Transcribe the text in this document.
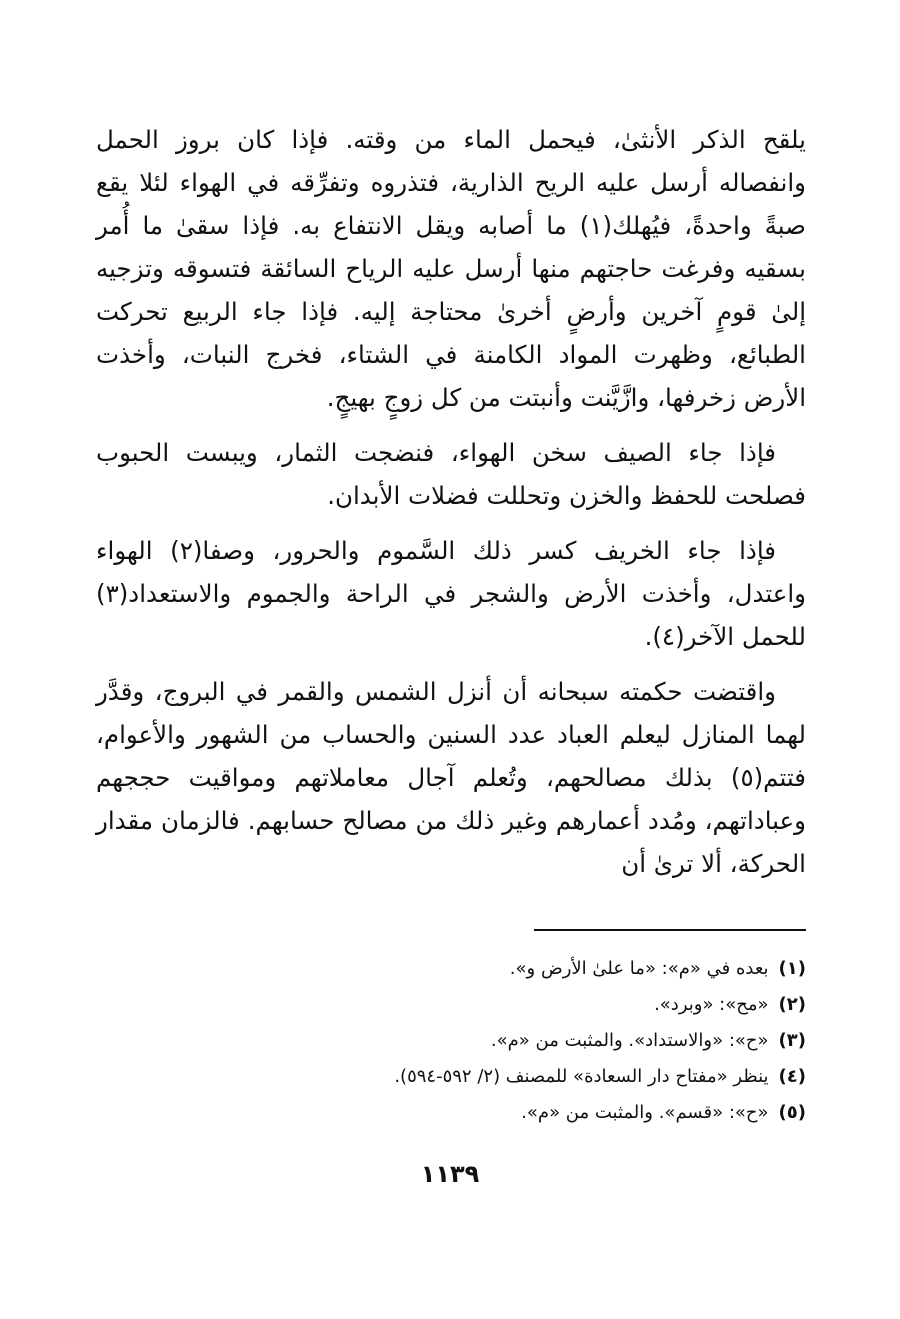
يلقح الذكر الأنثىٰ، فيحمل الماء من وقته. فإذا كان بروز الحمل وانفصاله أرسل عليه الريح الذارية، فتذروه وتفرِّقه في الهواء لئلا يقع صبةً واحدةً، فيُهلك(١) ما أصابه ويقل الانتفاع به. فإذا سقىٰ ما أُمر بسقيه وفرغت حاجتهم منها أرسل عليه الرياح السائقة فتسوقه وتزجيه إلىٰ قومٍ آخرين وأرضٍ أخرىٰ محتاجة إليه. فإذا جاء الربيع تحركت الطبائع، وظهرت المواد الكامنة في الشتاء، فخرج النبات، وأخذت الأرض زخرفها، وازَّيَّنت وأنبتت من كل زوجٍ بهيجٍ.

فإذا جاء الصيف سخن الهواء، فنضجت الثمار، ويبست الحبوب فصلحت للحفظ والخزن وتحللت فضلات الأبدان.

فإذا جاء الخريف كسر ذلك السَّموم والحرور، وصفا(٢) الهواء واعتدل، وأخذت الأرض والشجر في الراحة والجموم والاستعداد(٣) للحمل الآخر(٤).

واقتضت حكمته سبحانه أن أنزل الشمس والقمر في البروج، وقدَّر لهما المنازل ليعلم العباد عدد السنين والحساب من الشهور والأعوام، فتتم(٥) بذلك مصالحهم، وتُعلم آجال معاملاتهم ومواقيت حججهم وعباداتهم، ومُدد أعمارهم وغير ذلك من مصالح حسابهم. فالزمان مقدار الحركة، ألا ترىٰ أن

(١)بعده في «م»: «ما علىٰ الأرض و».
(٢)«مح»: «وبرد».
(٣)«ح»: «والاستداد». والمثبت من «م».
(٤)ينظر «مفتاح دار السعادة» للمصنف (٢/ ٥٩٢-٥٩٤).
(٥)«ح»: «قسم». والمثبت من «م».
١١٣٩
